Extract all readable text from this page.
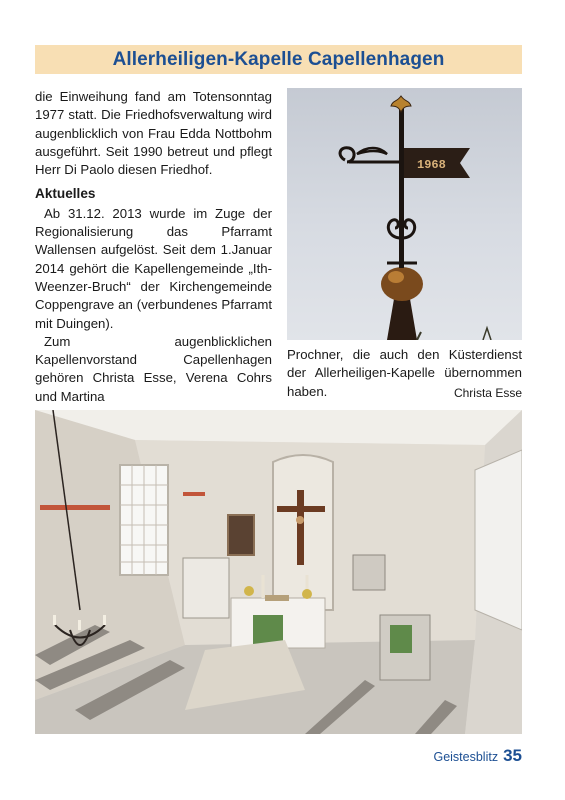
Allerheiligen-Kapelle Capellenhagen

die Einweihung fand am Totensonntag 1977 statt. Die Friedhofsverwaltung wird augenblicklich von Frau Edda Nottbohm ausgeführt. Seit 1990 betreut und pflegt Herr Di Paolo diesen Friedhof.

Aktuelles

Ab 31.12. 2013 wurde im Zuge der Regionalisierung das Pfarramt Wallensen aufgelöst. Seit dem 1.Januar 2014 gehört die Kapellengemeinde „Ith-Weenzer-Bruch“ der Kirchengemeinde Coppengrave an (verbundenes Pfarramt mit Duingen).

Zum augenblicklichen Kapellenvorstand Capellenhagen gehören Christa Esse, Verena Cohrs und Martina

1968

Prochner, die auch den Küsterdienst der Allerheiligen-Kapelle übernommen haben.	Christa Esse

Geistesblitz 35
